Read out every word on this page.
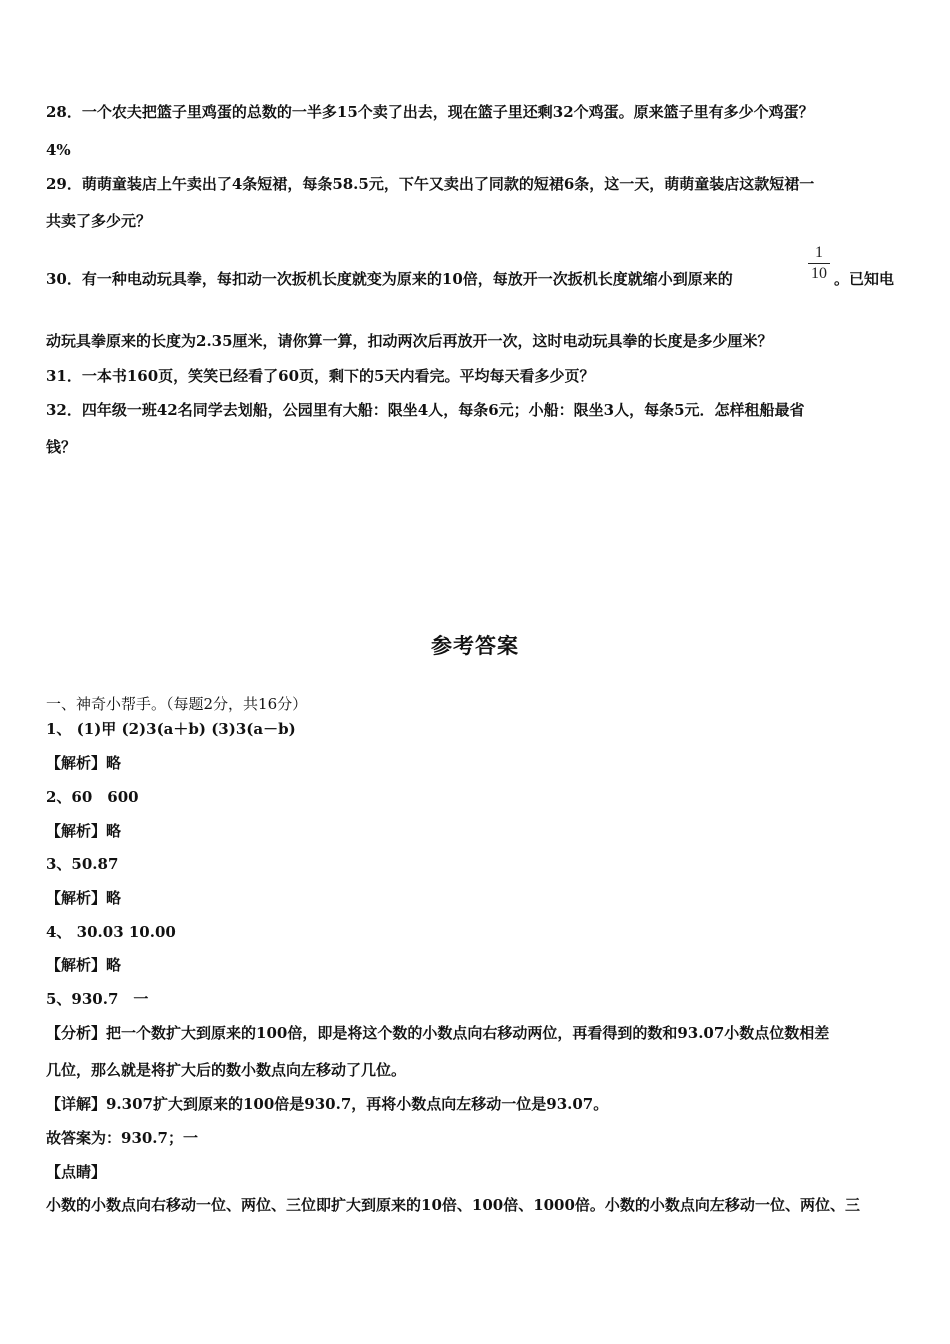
28．一个农夫把篮子里鸡蛋的总数的一半多15个卖了出去，现在篮子里还剩32个鸡蛋。原来篮子里有多少个鸡蛋？
4%
29．萌萌童装店上午卖出了4条短裙，每条58.5元，下午又卖出了同款的短裙6条，这一天，萌萌童装店这款短裙一
共卖了多少元？
30．有一种电动玩具拳，每扣动一次扳机长度就变为原来的10倍，每放开一次扳机长度就缩小到原来的
1
10 。已知电
动玩具拳原来的长度为2.35厘米，请你算一算，扣动两次后再放开一次，这时电动玩具拳的长度是多少厘米？
31．一本书160页，笑笑已经看了60页，剩下的5天内看完。平均每天看多少页？
32．四年级一班42名同学去划船，公园里有大船：限坐4人，每条6元；小船：限坐3人，每条5元．怎样租船最省
钱？
参考答案
一、神奇小帮手。（每题2分，共16分）
1、 (1)甲 (2)3(a＋b) (3)3(a－b)
【解析】略
2、60　600
【解析】略
3、50.87
【解析】略
4、 30.03 10.00
【解析】略
5、930.7　一
【分析】把一个数扩大到原来的100倍，即是将这个数的小数点向右移动两位，再看得到的数和93.07小数点位数相差
几位，那么就是将扩大后的数小数点向左移动了几位。
【详解】9.307扩大到原来的100倍是930.7，再将小数点向左移动一位是93.07。
故答案为：930.7；一
【点睛】
小数的小数点向右移动一位、两位、三位即扩大到原来的10倍、100倍、1000倍。小数的小数点向左移动一位、两位、三
